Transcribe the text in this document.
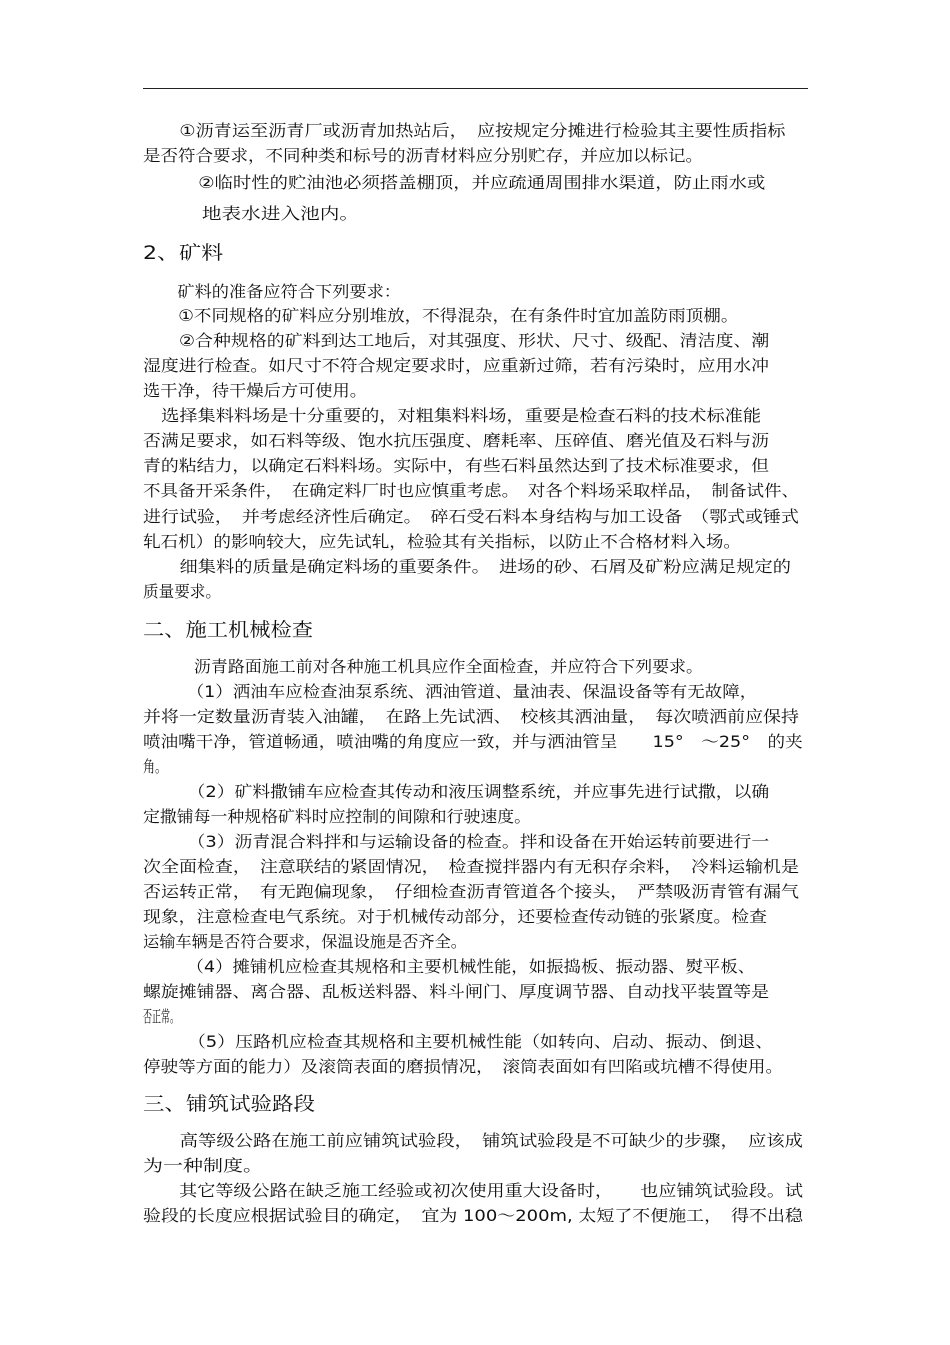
　　①沥青运至沥青厂或沥青加热站后，　应按规定分摊进行检验其主要性质指标
是否符合要求，不同种类和标号的沥青材料应分别贮存，并应加以标记。
　　　②临时性的贮油池必须搭盖棚顶，并应疏通周围排水渠道，防止雨水或
　　　地表水进入池内。
2、矿料
　　矿料的准备应符合下列要求：
　　①不同规格的矿料应分别堆放，不得混杂，在有条件时宜加盖防雨顶棚。
　　②合种规格的矿料到达工地后，对其强度、形状、尺寸、级配、清洁度、潮
湿度进行检查。如尺寸不符合规定要求时，应重新过筛，若有污染时，应用水冲
选干净，待干燥后方可使用。
　选择集料料场是十分重要的，对粗集料料场，重要是检查石料的技术标准能
否满足要求，如石料等级、饱水抗压强度、磨耗率、压碎值、磨光值及石料与沥
青的粘结力，以确定石料料场。实际中，有些石料虽然达到了技术标准要求，但
不具备开采条件，　在确定料厂时也应慎重考虑。　对各个料场采取样品，　制备试件、
进行试验，　并考虑经济性后确定。　碎石受石料本身结构与加工设备　（鄂式或锤式
轧石机）的影响较大，应先试轧，检验其有关指标，以防止不合格材料入场。
　　细集料的质量是确定料场的重要条件。　进场的砂、石屑及矿粉应满足规定的
质量要求。
二、施工机械检查
　　　沥青路面施工前对各种施工机具应作全面检查，并应符合下列要求。
　　　（1）洒油车应检查油泵系统、洒油管道、量油表、保温设备等有无故障，
并将一定数量沥青装入油罐，　在路上先试洒、　校核其洒油量，　每次喷洒前应保持
喷油嘴干净，管道畅通，喷油嘴的角度应一致，并与洒油管呈　　15°　～25°　的夹
角。
　　　（2）矿料撒铺车应检查其传动和液压调整系统，并应事先进行试撒，以确
定撒铺每一种规格矿料时应控制的间隙和行驶速度。
　　　（3）沥青混合料拌和与运输设备的检查。拌和设备在开始运转前要进行一
次全面检查，　注意联结的紧固情况，　检查搅拌器内有无积存余料，　冷料运输机是
否运转正常，　有无跑偏现象，　仔细检查沥青管道各个接头，　严禁吸沥青管有漏气
现象，注意检查电气系统。对于机械传动部分，还要检查传动链的张紧度。检查
运输车辆是否符合要求，保温设施是否齐全。
　　　（4）摊铺机应检查其规格和主要机械性能，如振捣板、振动器、熨平板、
螺旋摊铺器、离合器、乱板送料器、料斗闸门、厚度调节器、自动找平装置等是
否正常。
　　　（5）压路机应检查其规格和主要机械性能（如转向、启动、振动、倒退、
停驶等方面的能力）及滚筒表面的磨损情况，　滚筒表面如有凹陷或坑槽不得使用。
三、铺筑试验路段
　　高等级公路在施工前应铺筑试验段，　铺筑试验段是不可缺少的步骤，　应该成
为一种制度。
　　其它等级公路在缺乏施工经验或初次使用重大设备时，　　也应铺筑试验段。试
验段的长度应根据试验目的确定，　宜为 100～200m, 太短了不便施工，　得不出稳
